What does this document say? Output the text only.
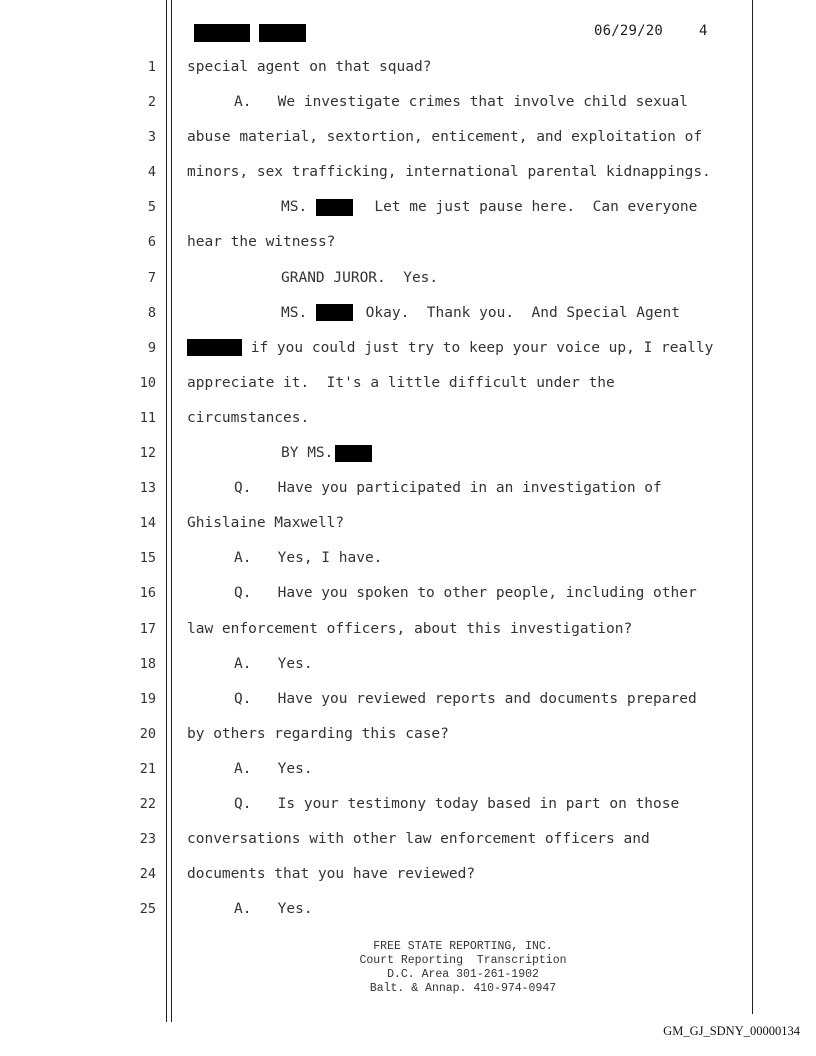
06/29/20	4
1 special agent on that squad?
2	A.   We investigate crimes that involve child sexual
3 abuse material, sextortion, enticement, and exploitation of
4 minors, sex trafficking, international parental kidnappings.
5	MS.	Let me just pause here.  Can everyone
6 hear the witness?
7	GRAND JUROR.  Yes.
8	MS.	Okay.  Thank you.  And Special Agent
9	if you could just try to keep your voice up, I really
10 appreciate it.  It's a little difficult under the
11 circumstances.
12	BY MS.
13	Q.   Have you participated in an investigation of
14 Ghislaine Maxwell?
15	A.   Yes, I have.
16	Q.   Have you spoken to other people, including other
17 law enforcement officers, about this investigation?
18	A.   Yes.
19	Q.   Have you reviewed reports and documents prepared
20 by others regarding this case?
21	A.   Yes.
22	Q.   Is your testimony today based in part on those
23 conversations with other law enforcement officers and
24 documents that you have reviewed?
25	A.   Yes.
FREE STATE REPORTING, INC.
Court Reporting  Transcription
D.C. Area 301-261-1902
Balt. & Annap. 410-974-0947
GM_GJ_SDNY_00000134
